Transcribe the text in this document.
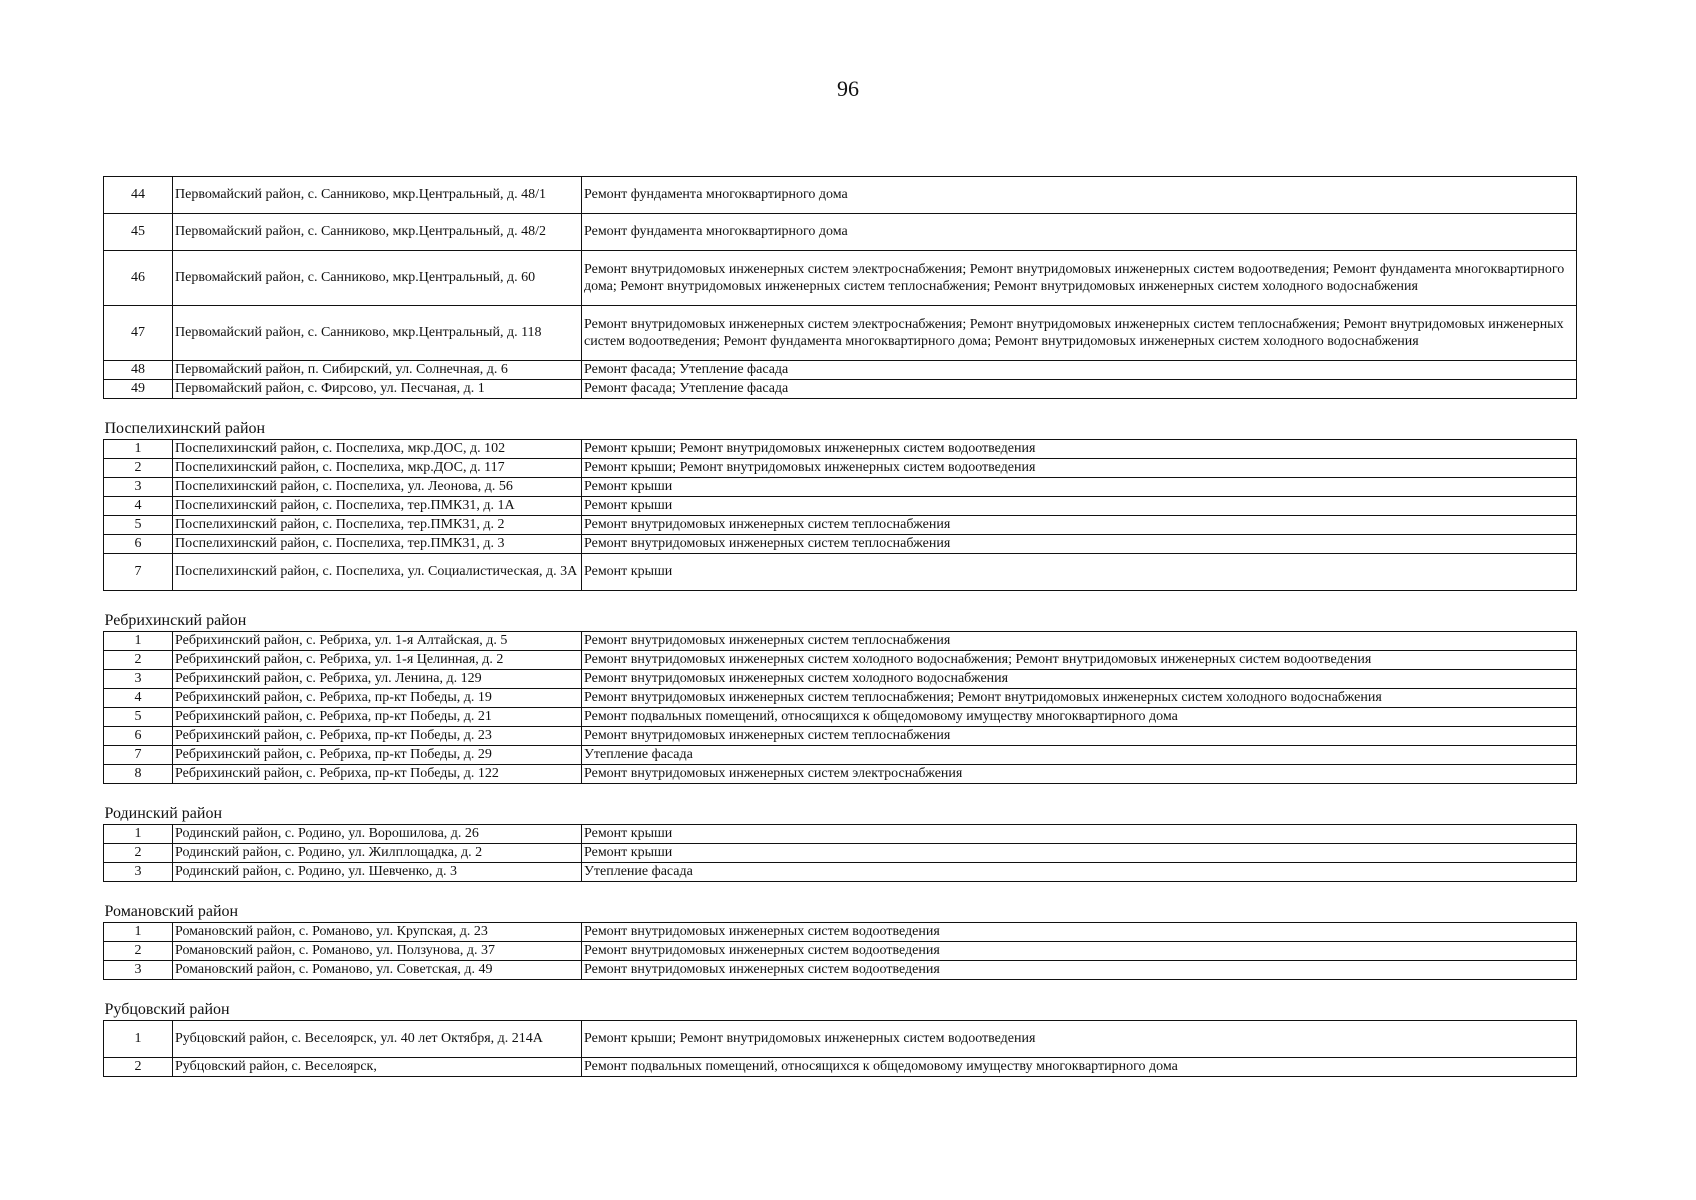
96
44	Первомайский район, с. Санниково, мкр.Центральный, д. 48/1	Ремонт фундамента многоквартирного дома
45	Первомайский район, с. Санниково, мкр.Центральный, д. 48/2	Ремонт фундамента многоквартирного дома
46	Первомайский район, с. Санниково, мкр.Центральный, д. 60	Ремонт внутридомовых инженерных систем электроснабжения; Ремонт внутридомовых инженерных систем водоотведения; Ремонт фундамента многоквартирного дома; Ремонт внутридомовых инженерных систем теплоснабжения; Ремонт внутридомовых инженерных систем холодного водоснабжения
47	Первомайский район, с. Санниково, мкр.Центральный, д. 118	Ремонт внутридомовых инженерных систем электроснабжения; Ремонт внутридомовых инженерных систем теплоснабжения; Ремонт внутридомовых инженерных систем водоотведения; Ремонт фундамента многоквартирного дома; Ремонт внутридомовых инженерных систем холодного водоснабжения
48	Первомайский район, п. Сибирский, ул. Солнечная, д. 6	Ремонт фасада; Утепление фасада
49	Первомайский район, с. Фирсово, ул. Песчаная, д. 1	Ремонт фасада; Утепление фасада
Поспелихинский район		
1	Поспелихинский район, с. Поспелиха, мкр.ДОС, д. 102	Ремонт крыши; Ремонт внутридомовых инженерных систем водоотведения
2	Поспелихинский район, с. Поспелиха, мкр.ДОС, д. 117	Ремонт крыши; Ремонт внутридомовых инженерных систем водоотведения
3	Поспелихинский район, с. Поспелиха, ул. Леонова, д. 56	Ремонт крыши
4	Поспелихинский район, с. Поспелиха, тер.ПМК31, д. 1А	Ремонт крыши
5	Поспелихинский район, с. Поспелиха, тер.ПМК31, д. 2	Ремонт внутридомовых инженерных систем теплоснабжения
6	Поспелихинский район, с. Поспелиха, тер.ПМК31, д. 3	Ремонт внутридомовых инженерных систем теплоснабжения
7	Поспелихинский район, с. Поспелиха, ул. Социалистическая, д. 3А	Ремонт крыши
Ребрихинский район		
1	Ребрихинский район, с. Ребриха, ул. 1-я Алтайская, д. 5	Ремонт внутридомовых инженерных систем теплоснабжения
2	Ребрихинский район, с. Ребриха, ул. 1-я Целинная, д. 2	Ремонт внутридомовых инженерных систем холодного водоснабжения; Ремонт внутридомовых инженерных систем водоотведения
3	Ребрихинский район, с. Ребриха, ул. Ленина, д. 129	Ремонт внутридомовых инженерных систем холодного водоснабжения
4	Ребрихинский район, с. Ребриха, пр-кт Победы, д. 19	Ремонт внутридомовых инженерных систем теплоснабжения; Ремонт внутридомовых инженерных систем холодного водоснабжения
5	Ребрихинский район, с. Ребриха, пр-кт Победы, д. 21	Ремонт подвальных помещений, относящихся к общедомовому имуществу многоквартирного дома
6	Ребрихинский район, с. Ребриха, пр-кт Победы, д. 23	Ремонт внутридомовых инженерных систем теплоснабжения
7	Ребрихинский район, с. Ребриха, пр-кт Победы, д. 29	Утепление фасада
8	Ребрихинский район, с. Ребриха, пр-кт Победы, д. 122	Ремонт внутридомовых инженерных систем электроснабжения
Родинский район		
1	Родинский район, с. Родино, ул. Ворошилова, д. 26	Ремонт крыши
2	Родинский район, с. Родино, ул. Жилплощадка, д. 2	Ремонт крыши
3	Родинский район, с. Родино, ул. Шевченко, д. 3	Утепление фасада
Романовский район		
1	Романовский район, с. Романово, ул. Крупская, д. 23	Ремонт внутридомовых инженерных систем водоотведения
2	Романовский район, с. Романово, ул. Ползунова, д. 37	Ремонт внутридомовых инженерных систем водоотведения
3	Романовский район, с. Романово, ул. Советская, д. 49	Ремонт внутридомовых инженерных систем водоотведения
Рубцовский район		
1	Рубцовский район, с. Веселоярск, ул. 40 лет Октября, д. 214А	Ремонт крыши; Ремонт внутридомовых инженерных систем водоотведения
2	Рубцовский район, с. Веселоярск,	Ремонт подвальных помещений, относящихся к общедомовому имуществу многоквартирного дома
